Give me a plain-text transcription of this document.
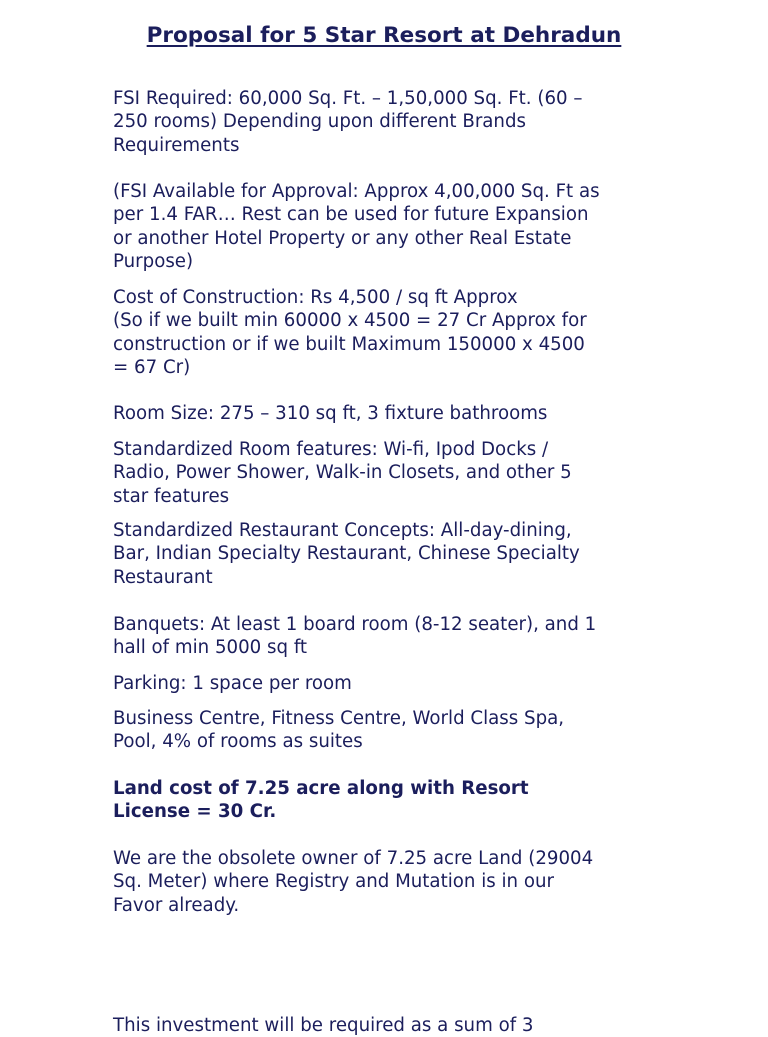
Proposal for 5 Star Resort at Dehradun

FSI Required: 60,000 Sq. Ft. – 1,50,000 Sq. Ft. (60 –
250 rooms) Depending upon different Brands
Requirements

(FSI Available for Approval: Approx 4,00,000 Sq. Ft as
per 1.4 FAR… Rest can be used for future Expansion
or another Hotel Property or any other Real Estate
Purpose)

Cost of Construction: Rs 4,500 / sq ft Approx
(So if we built min 60000 x 4500 = 27 Cr Approx for
construction or if we built Maximum 150000 x 4500
= 67 Cr)

Room Size: 275 – 310 sq ft, 3 fixture bathrooms

Standardized Room features: Wi-fi, Ipod Docks /
Radio, Power Shower, Walk-in Closets, and other 5
star features

Standardized Restaurant Concepts: All-day-dining,
Bar, Indian Specialty Restaurant, Chinese Specialty
Restaurant

Banquets: At least 1 board room (8-12 seater), and 1
hall of min 5000 sq ft

Parking: 1 space per room

Business Centre, Fitness Centre, World Class Spa,
Pool, 4% of rooms as suites

Land cost of 7.25 acre along with Resort
License = 30 Cr.

We are the obsolete owner of 7.25 acre Land (29004
Sq. Meter) where Registry and Mutation is in our
Favor already.

This investment will be required as a sum of 3
